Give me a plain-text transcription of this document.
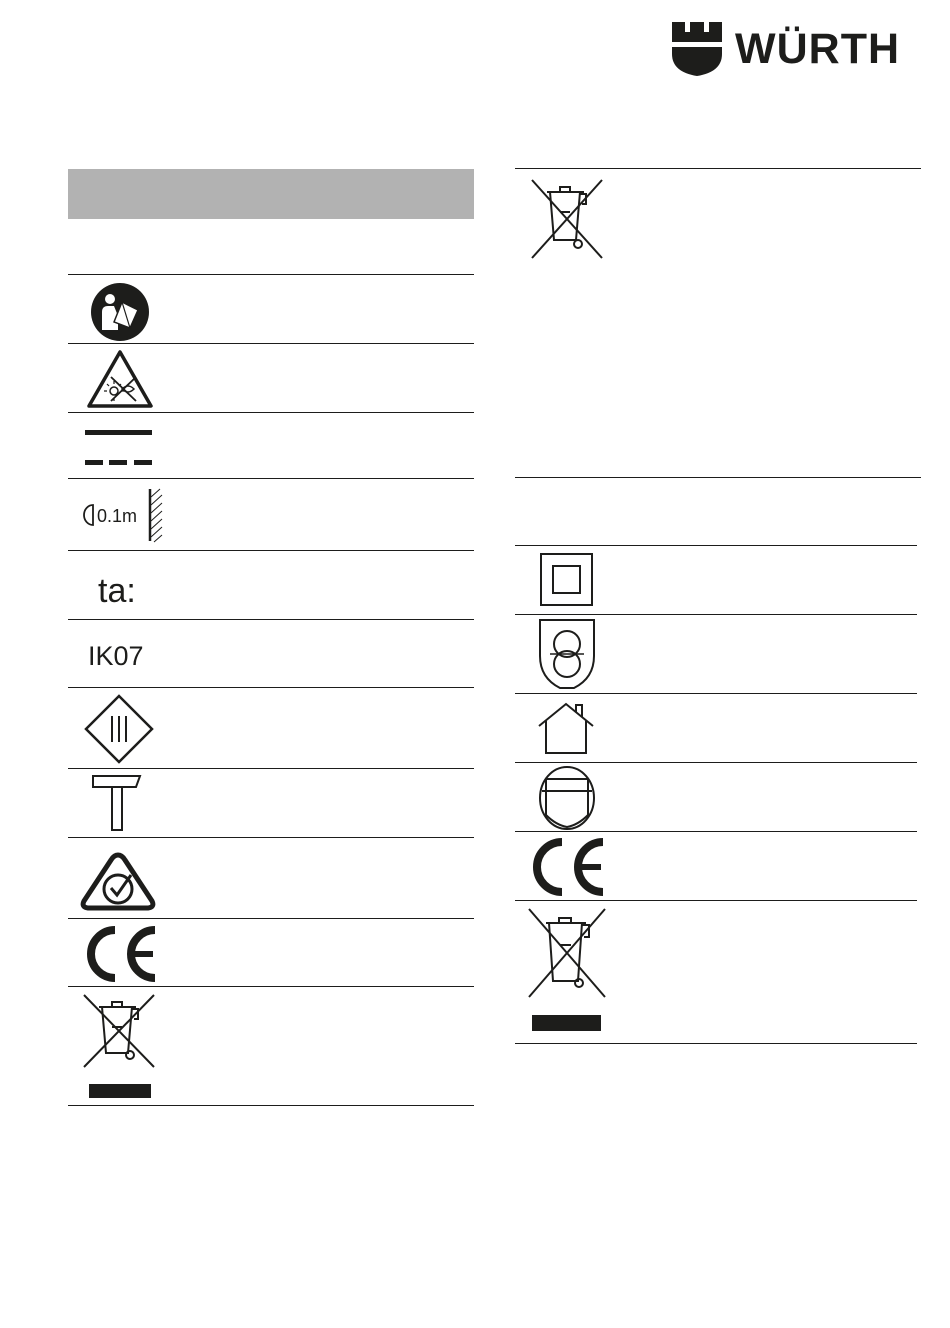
WÜRTH
0.1m
ta:
IK07
